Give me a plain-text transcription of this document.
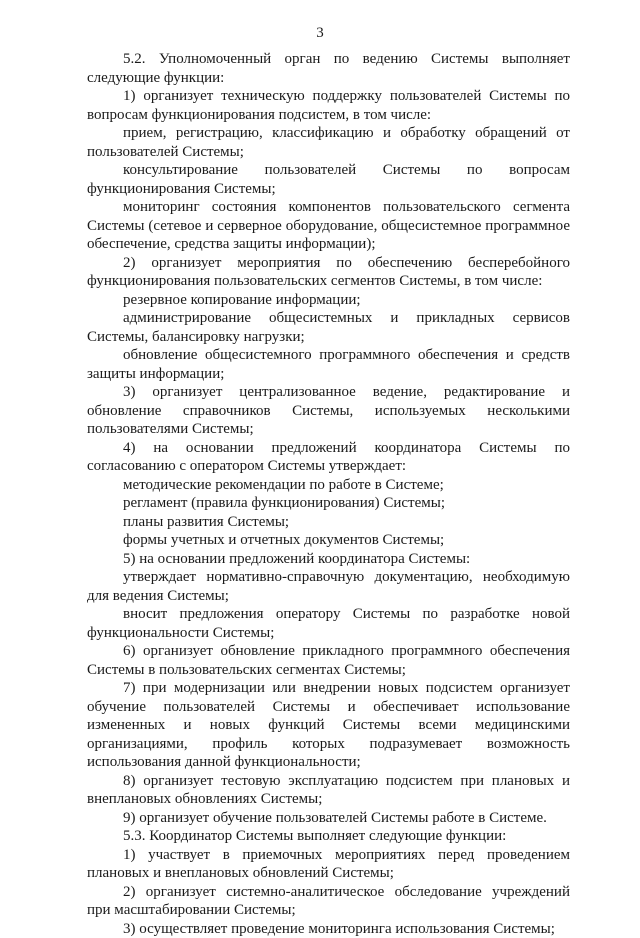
3

5.2. Уполномоченный орган по ведению Системы выполняет следующие функции:

1) организует техническую поддержку пользователей Системы по вопросам функционирования подсистем, в том числе:

прием, регистрацию, классификацию и обработку обращений от пользователей Системы;

консультирование пользователей Системы по вопросам функционирования Системы;

мониторинг состояния компонентов пользовательского сегмента Системы (сетевое и серверное оборудование, общесистемное программное обеспечение, средства защиты информации);

2) организует мероприятия по обеспечению бесперебойного функционирования пользовательских сегментов Системы, в том числе:

резервное копирование информации;

администрирование общесистемных и прикладных сервисов Системы, балансировку нагрузки;

обновление общесистемного программного обеспечения и средств защиты информации;

3) организует централизованное ведение, редактирование и обновление справочников Системы, используемых несколькими пользователями Системы;

4) на основании предложений координатора Системы по согласованию с оператором Системы утверждает:

методические рекомендации по работе в Системе;

регламент (правила функционирования) Системы;

планы развития Системы;

формы учетных и отчетных документов Системы;

5) на основании предложений координатора Системы:

утверждает нормативно-справочную документацию, необходимую для ведения Системы;

вносит предложения оператору Системы по разработке новой функциональности Системы;

6) организует обновление прикладного программного обеспечения Системы в пользовательских сегментах Системы;

7) при модернизации или внедрении новых подсистем организует обучение пользователей Системы и обеспечивает использование измененных и новых функций Системы всеми медицинскими организациями, профиль которых подразумевает возможность использования данной функциональности;

8) организует тестовую эксплуатацию подсистем при плановых и внеплановых обновлениях Системы;

9) организует обучение пользователей Системы работе в Системе.

5.3. Координатор Системы выполняет следующие функции:

1) участвует в приемочных мероприятиях перед проведением плановых и внеплановых обновлений Системы;

2) организует системно-аналитическое обследование учреждений при масштабировании Системы;

3) осуществляет проведение мониторинга использования Системы;
